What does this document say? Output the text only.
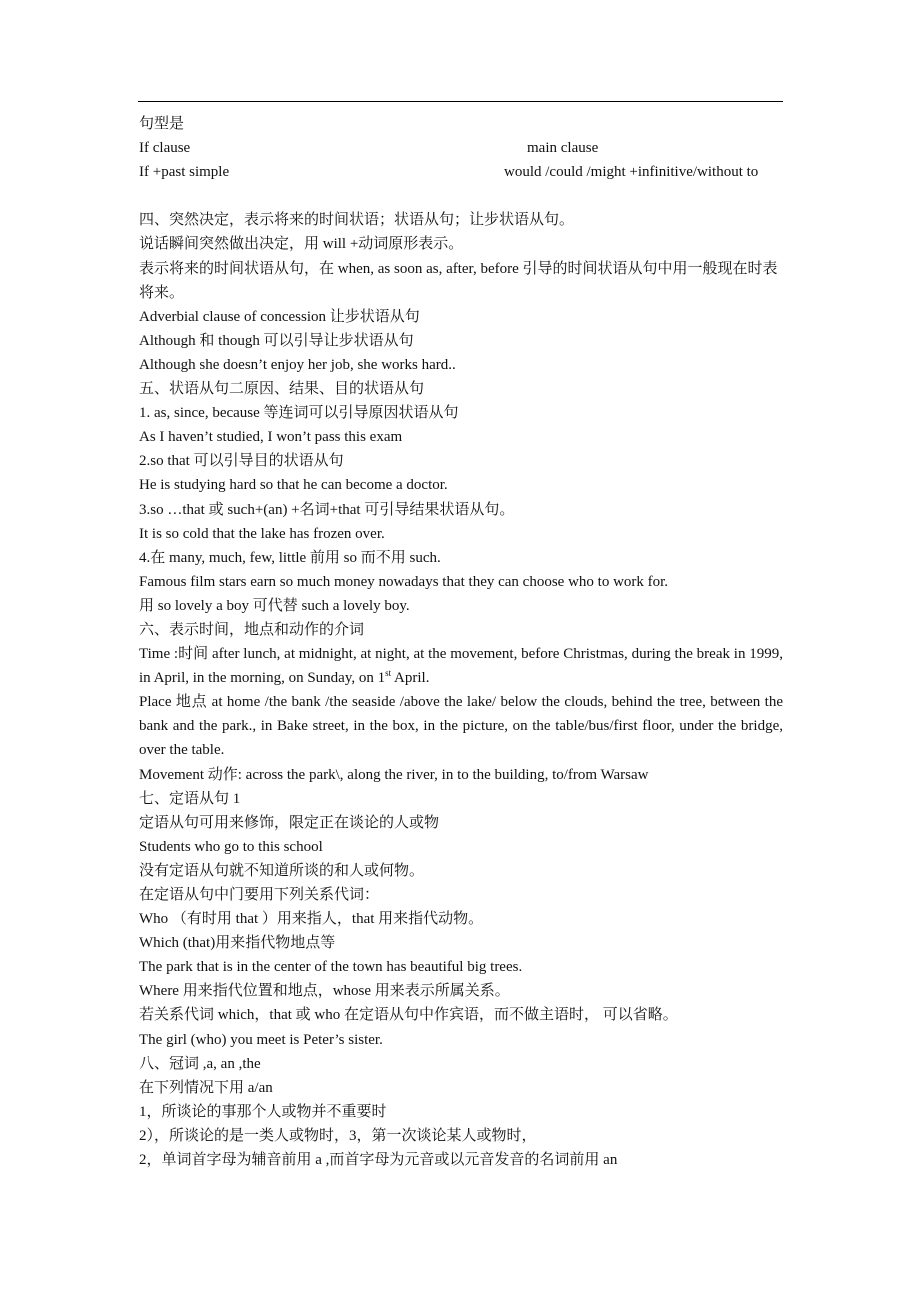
句型是

If clause	main clause
If +past simple	would /could /might +infinitive/without to

四、突然决定，表示将来的时间状语；状语从句；让步状语从句。

说话瞬间突然做出决定，用 will +动词原形表示。

表示将来的时间状语从句，在 when, as soon as, after, before 引导的时间状语从句中用一般现在时表将来。

Adverbial clause of concession 让步状语从句

Although 和 though 可以引导让步状语从句

Although she doesn’t enjoy her job, she works hard..

五、状语从句二原因、结果、目的状语从句

1. as, since, because 等连词可以引导原因状语从句

As I haven’t studied, I won’t pass this exam

2.so that 可以引导目的状语从句

He is studying hard so that he can become a doctor.

3.so …that 或 such+(an) +名词+that 可引导结果状语从句。

It is so cold that the lake has frozen over.

4.在 many, much, few, little 前用 so 而不用 such.

Famous film stars earn so much money nowadays that they can choose who to work for.

用 so lovely a boy 可代替 such a lovely boy.

六、表示时间，地点和动作的介词

Time :时间 after lunch, at midnight, at night, at the movement, before Christmas, during the break in 1999, in April, in the morning, on Sunday, on 1st April.

Place 地点 at home /the bank /the seaside /above the lake/ below the clouds, behind the tree, between the bank and the park., in Bake street, in the box, in the picture, on the table/bus/first floor, under the bridge, over the table.

Movement 动作: across the park\, along the river, in to the building, to/from Warsaw

七、定语从句 1

定语从句可用来修饰，限定正在谈论的人或物

Students who go to this school

没有定语从句就不知道所谈的和人或何物。

在定语从句中门要用下列关系代词：

Who （有时用 that ）用来指人，that 用来指代动物。

Which (that)用来指代物地点等

The park that is in the center of the town has beautiful big trees.

Where 用来指代位置和地点，whose 用来表示所属关系。

若关系代词 which，that 或 who 在定语从句中作宾语，而不做主语时， 可以省略。

The girl (who) you meet is Peter’s sister.

八、冠词 ,a, an ,the

在下列情况下用 a/an

1，所谈论的事那个人或物并不重要时

2），所谈论的是一类人或物时，3，第一次谈论某人或物时，

2，单词首字母为辅音前用 a ,而首字母为元音或以元音发音的名词前用 an
